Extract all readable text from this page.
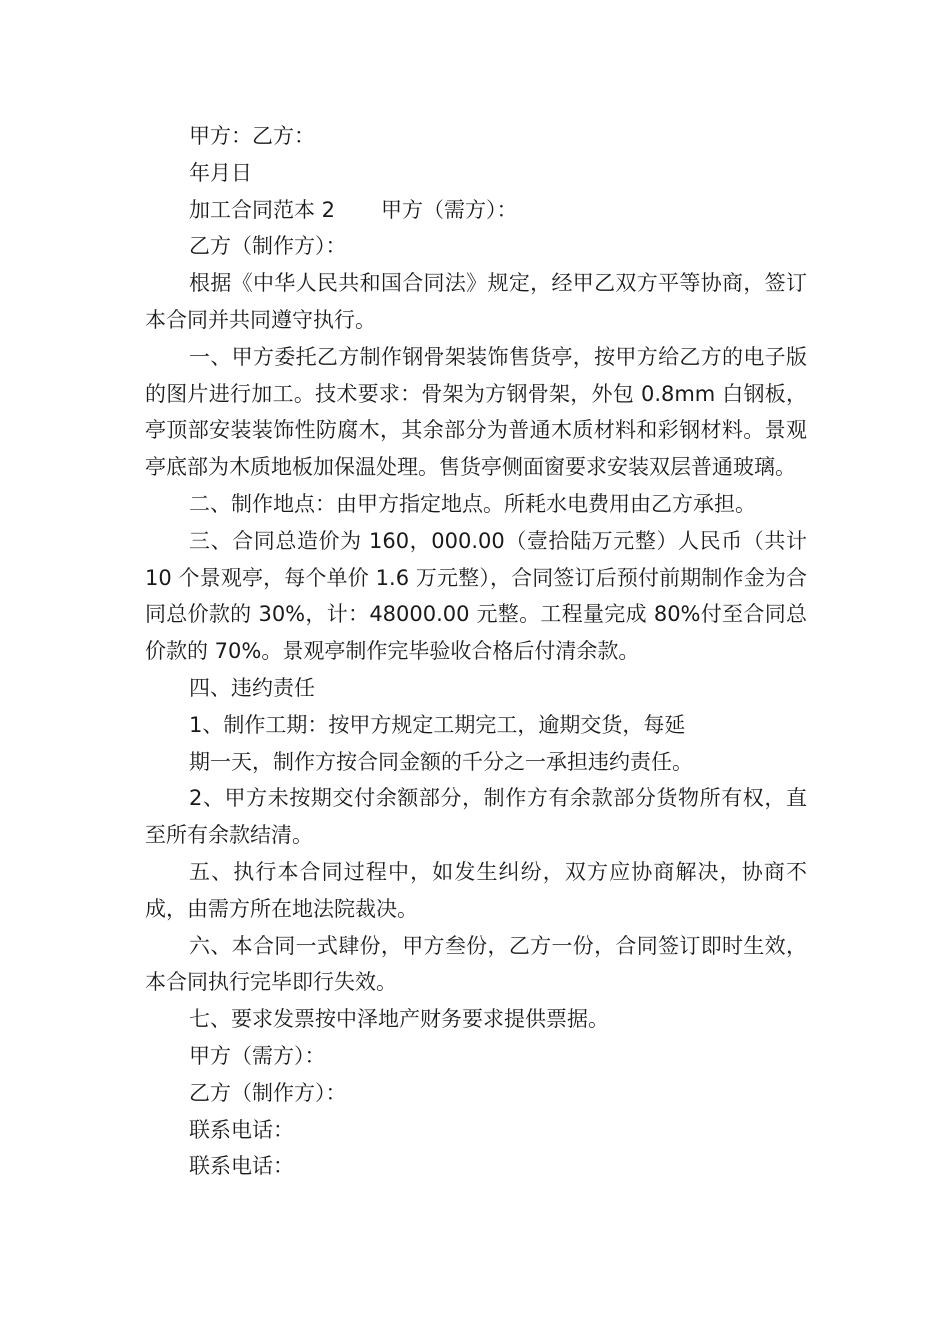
甲方：乙方：

年月日

加工合同范本 2 甲方（需方）：

乙方（制作方）：

根据《中华人民共和国合同法》规定，经甲乙双方平等协商，签订本合同并共同遵守执行。

一、甲方委托乙方制作钢骨架装饰售货亭，按甲方给乙方的电子版的图片进行加工。技术要求：骨架为方钢骨架，外包 0.8mm 白钢板，亭顶部安装装饰性防腐木，其余部分为普通木质材料和彩钢材料。景观亭底部为木质地板加保温处理。售货亭侧面窗要求安装双层普通玻璃。

二、制作地点：由甲方指定地点。所耗水电费用由乙方承担。

三、合同总造价为 160，000.00（壹拾陆万元整）人民币（共计 10 个景观亭，每个单价 1.6 万元整），合同签订后预付前期制作金为合同总价款的 30%，计：48000.00 元整。工程量完成 80%付至合同总价款的 70%。景观亭制作完毕验收合格后付清余款。

四、违约责任

1、制作工期：按甲方规定工期完工，逾期交货，每延

期一天，制作方按合同金额的千分之一承担违约责任。

2、甲方未按期交付余额部分，制作方有余款部分货物所有权，直至所有余款结清。

五、执行本合同过程中，如发生纠纷，双方应协商解决，协商不成，由需方所在地法院裁决。

六、本合同一式肆份，甲方叁份，乙方一份，合同签订即时生效，本合同执行完毕即行失效。

七、要求发票按中泽地产财务要求提供票据。

甲方（需方）：

乙方（制作方）：

联系电话：

联系电话：
